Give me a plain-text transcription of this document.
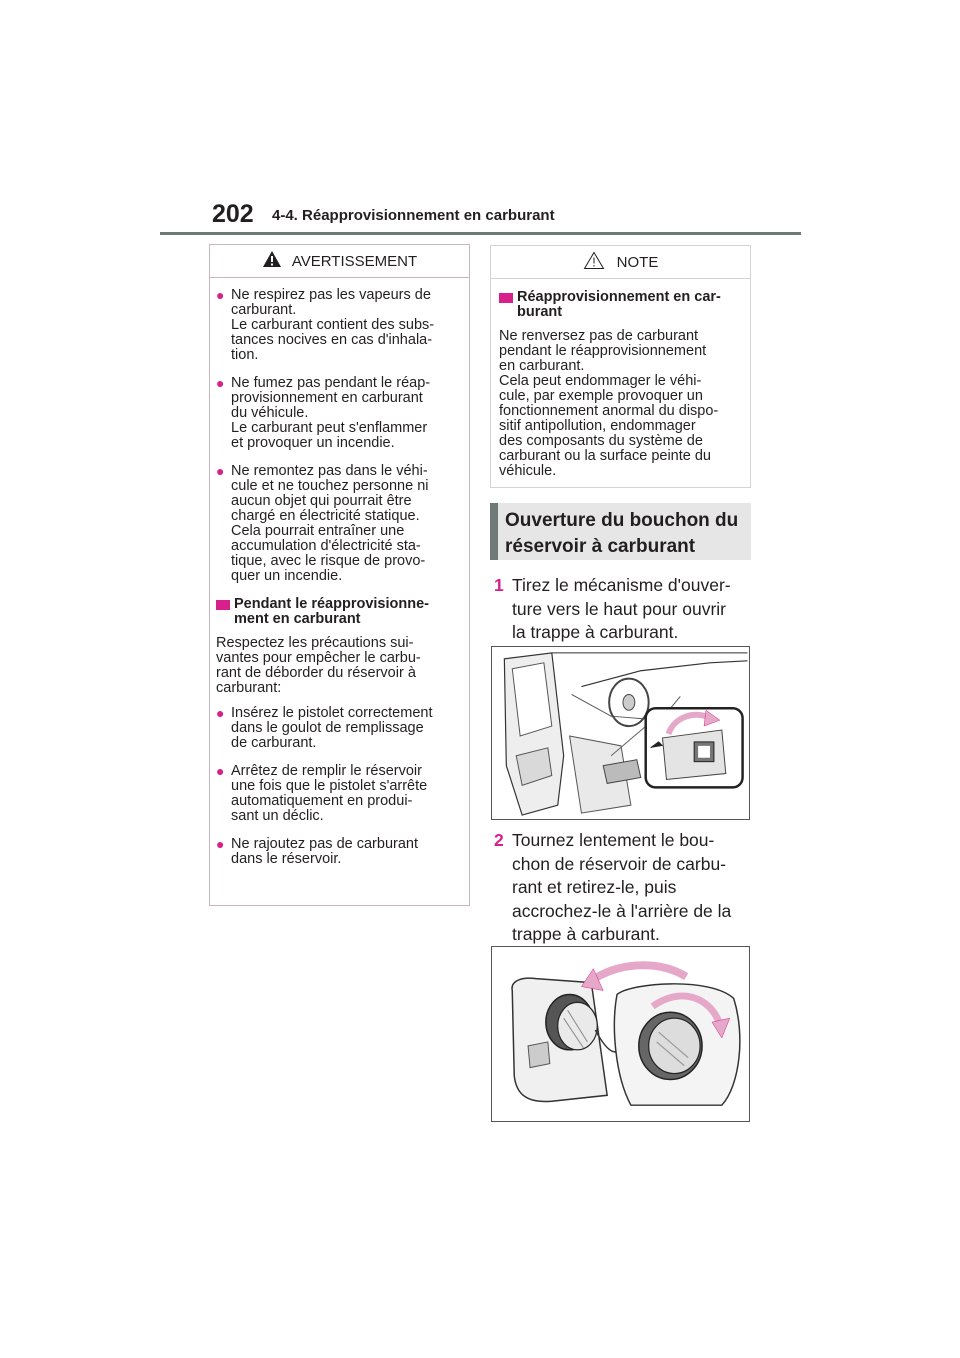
202 4-4. Réapprovisionnement en carburant
AVERTISSEMENT
● Ne respirez pas les vapeurs de
carburant.
Le carburant contient des subs-
tances nocives en cas d'inhala-
tion.
● Ne fumez pas pendant le réap-
provisionnement en carburant
du véhicule.
Le carburant peut s'enflammer
et provoquer un incendie.
● Ne remontez pas dans le véhi-
cule et ne touchez personne ni
aucun objet qui pourrait être
chargé en électricité statique.
Cela pourrait entraîner une
accumulation d'électricité sta-
tique, avec le risque de provo-
quer un incendie.
Pendant le réapprovisionne-
ment en carburant
Respectez les précautions sui-
vantes pour empêcher le carbu-
rant de déborder du réservoir à
carburant:
● Insérez le pistolet correctement
dans le goulot de remplissage
de carburant.
● Arrêtez de remplir le réservoir
une fois que le pistolet s'arrête
automatiquement en produi-
sant un déclic.
● Ne rajoutez pas de carburant
dans le réservoir.
NOTE
Réapprovisionnement en car-
burant
Ne renversez pas de carburant
pendant le réapprovisionnement
en carburant.
Cela peut endommager le véhi-
cule, par exemple provoquer un
fonctionnement anormal du dispo-
sitif antipollution, endommager
des composants du système de
carburant ou la surface peinte du
véhicule.
Ouverture du bouchon du
réservoir à carburant
1 Tirez le mécanisme d'ouver-
ture vers le haut pour ouvrir
la trappe à carburant.
2 Tournez lentement le bou-
chon de réservoir de carbu-
rant et retirez-le, puis
accrochez-le à l'arrière de la
trappe à carburant.
